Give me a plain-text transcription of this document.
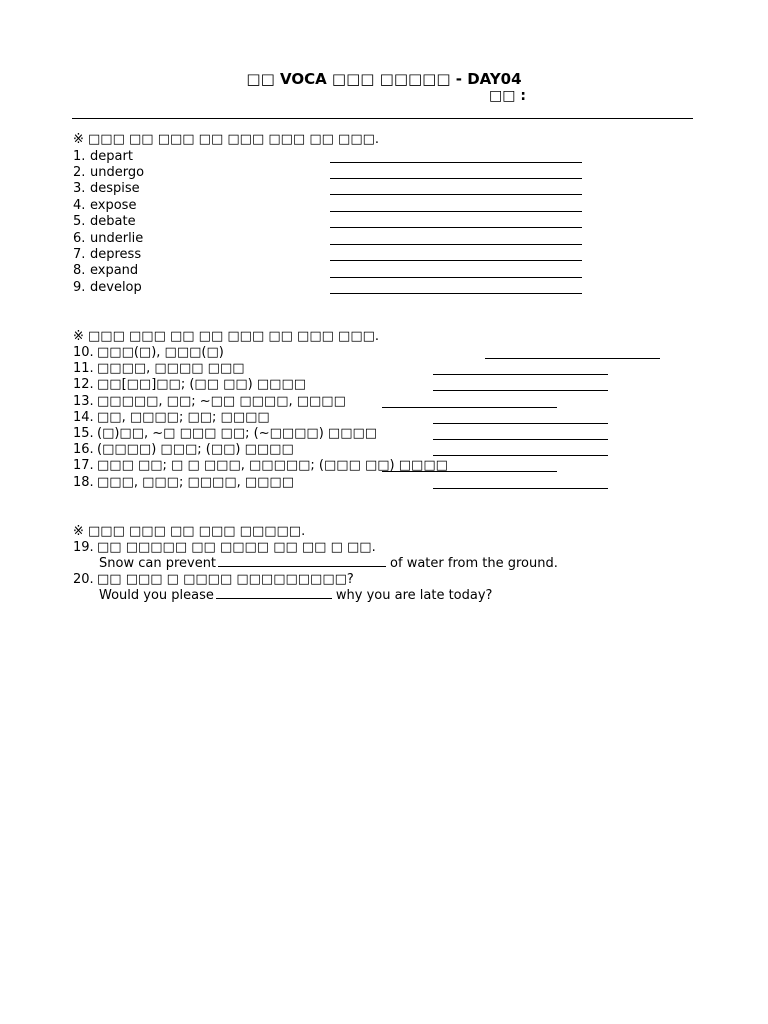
□□ VOCA □□□ □□□□□ - DAY04
□□ :
※ □□□ □□ □□□ □□ □□□ □□□ □□ □□□.
1. depart
2. undergo
3. despise
4. expose
5. debate
6. underlie
7. depress
8. expand
9. develop
※ □□□ □□□ □□ □□ □□□ □□ □□□ □□□.
10. □□□(□), □□□(□)
11. □□□□, □□□□ □□□
12. □□[□□]□□; (□□ □□) □□□□
13. □□□□□, □□; ~□□ □□□□, □□□□
14. □□, □□□□; □□; □□□□
15. (□)□□, ~□ □□□ □□; (~□□□□) □□□□
16. (□□□□) □□□; (□□) □□□□
17. □□□ □□; □ □ □□□, □□□□□; (□□□ □□) □□□□
18. □□□, □□□; □□□□, □□□□
※ □□□ □□□ □□ □□□ □□□□□.
19. □□ □□□□□ □□ □□□□ □□ □□ □ □□.
Snow can prevent	of water from the ground.
20. □□ □□□ □ □□□□ □□□□□□□□□?
Would you please	why you are late today?
